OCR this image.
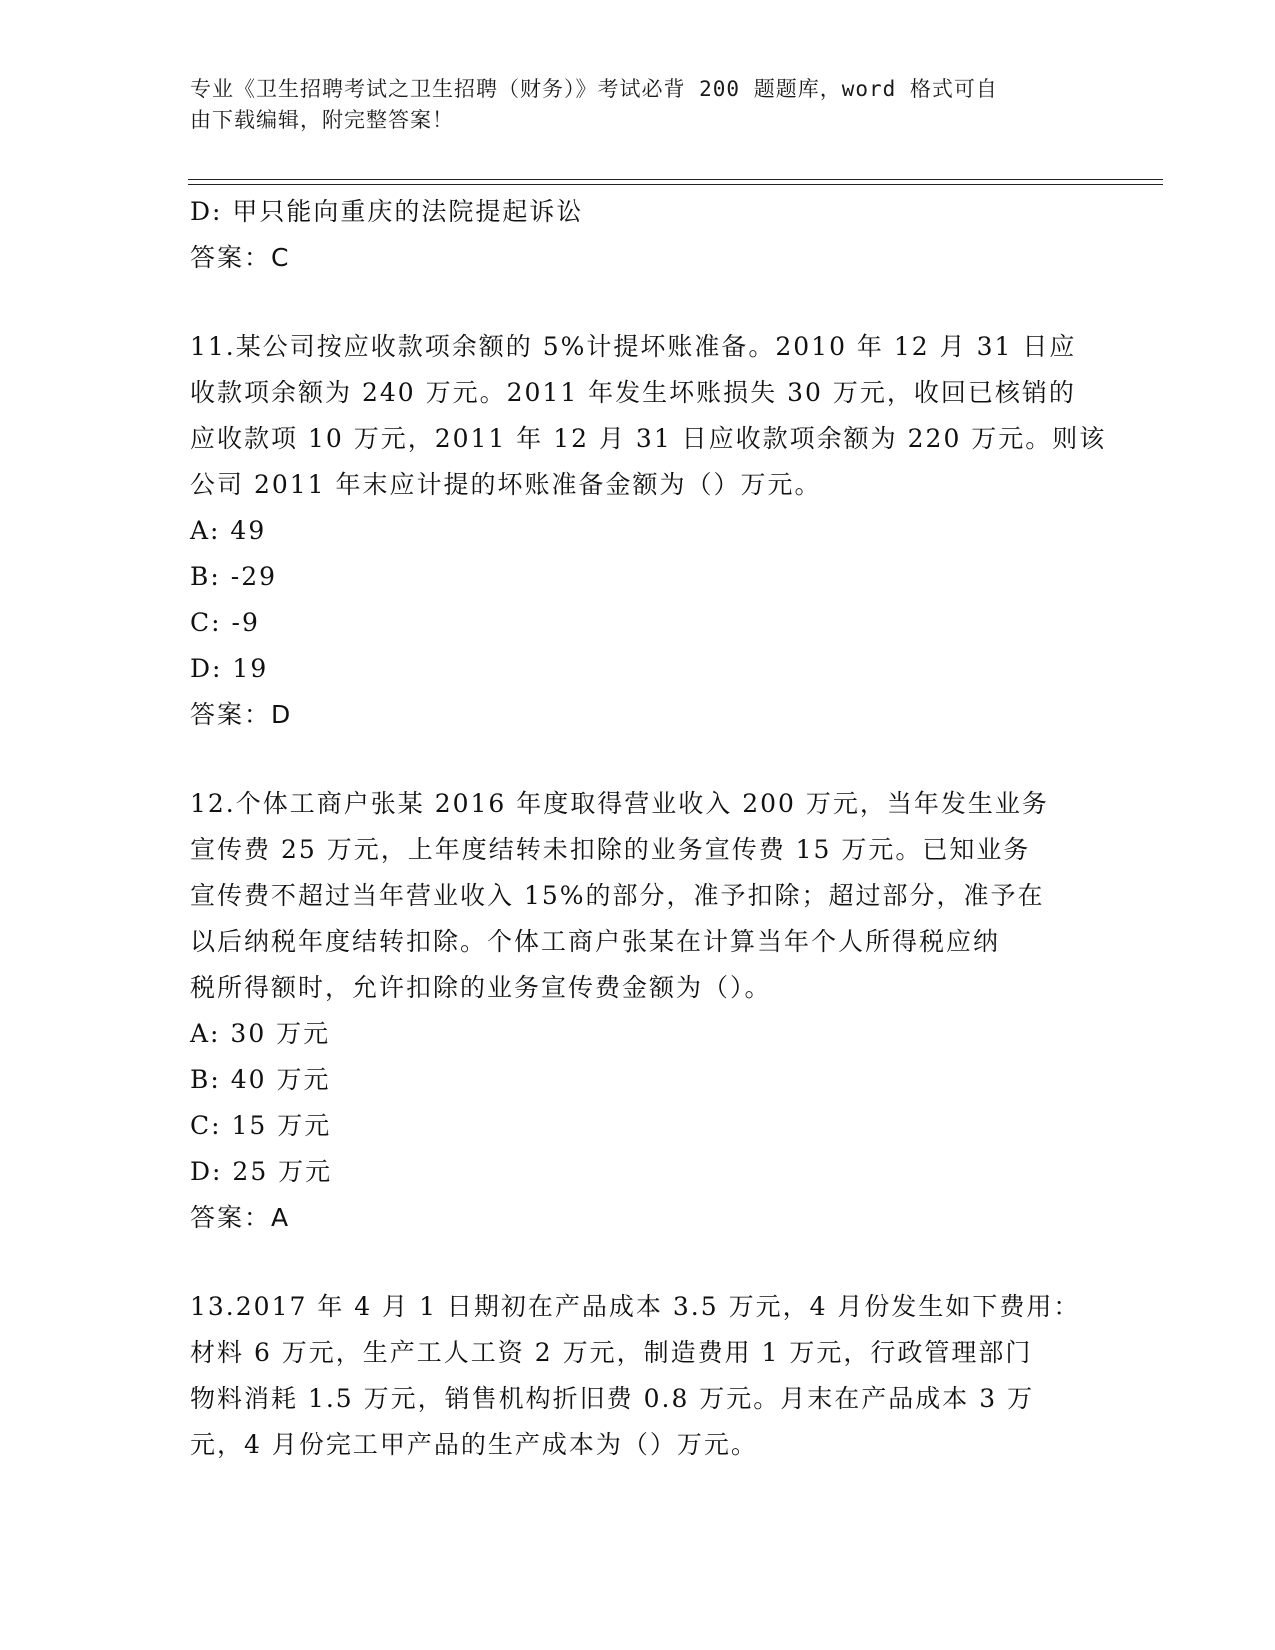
专业《卫生招聘考试之卫生招聘（财务）》考试必背 200 题题库，word 格式可自
由下载编辑，附完整答案！
D: 甲只能向重庆的法院提起诉讼
答案：C
11.某公司按应收款项余额的 5%计提坏账准备。2010 年 12 月 31 日应
收款项余额为 240 万元。2011 年发生坏账损失 30 万元，收回已核销的
应收款项 10 万元，2011 年 12 月 31 日应收款项余额为 220 万元。则该
公司 2011 年末应计提的坏账准备金额为（）万元。
A: 49
B: -29
C: -9
D: 19
答案：D
12.个体工商户张某 2016 年度取得营业收入 200 万元，当年发生业务
宣传费 25 万元，上年度结转未扣除的业务宣传费 15 万元。已知业务
宣传费不超过当年营业收入 15%的部分，准予扣除；超过部分，准予在
以后纳税年度结转扣除。个体工商户张某在计算当年个人所得税应纳
税所得额时，允许扣除的业务宣传费金额为（）。
A: 30 万元
B: 40 万元
C: 15 万元
D: 25 万元
答案：A
13.2017 年 4 月 1 日期初在产品成本 3.5 万元，4 月份发生如下费用：
材料 6 万元，生产工人工资 2 万元，制造费用 1 万元，行政管理部门
物料消耗 1.5 万元，销售机构折旧费 0.8 万元。月末在产品成本 3 万
元，4 月份完工甲产品的生产成本为（）万元。
